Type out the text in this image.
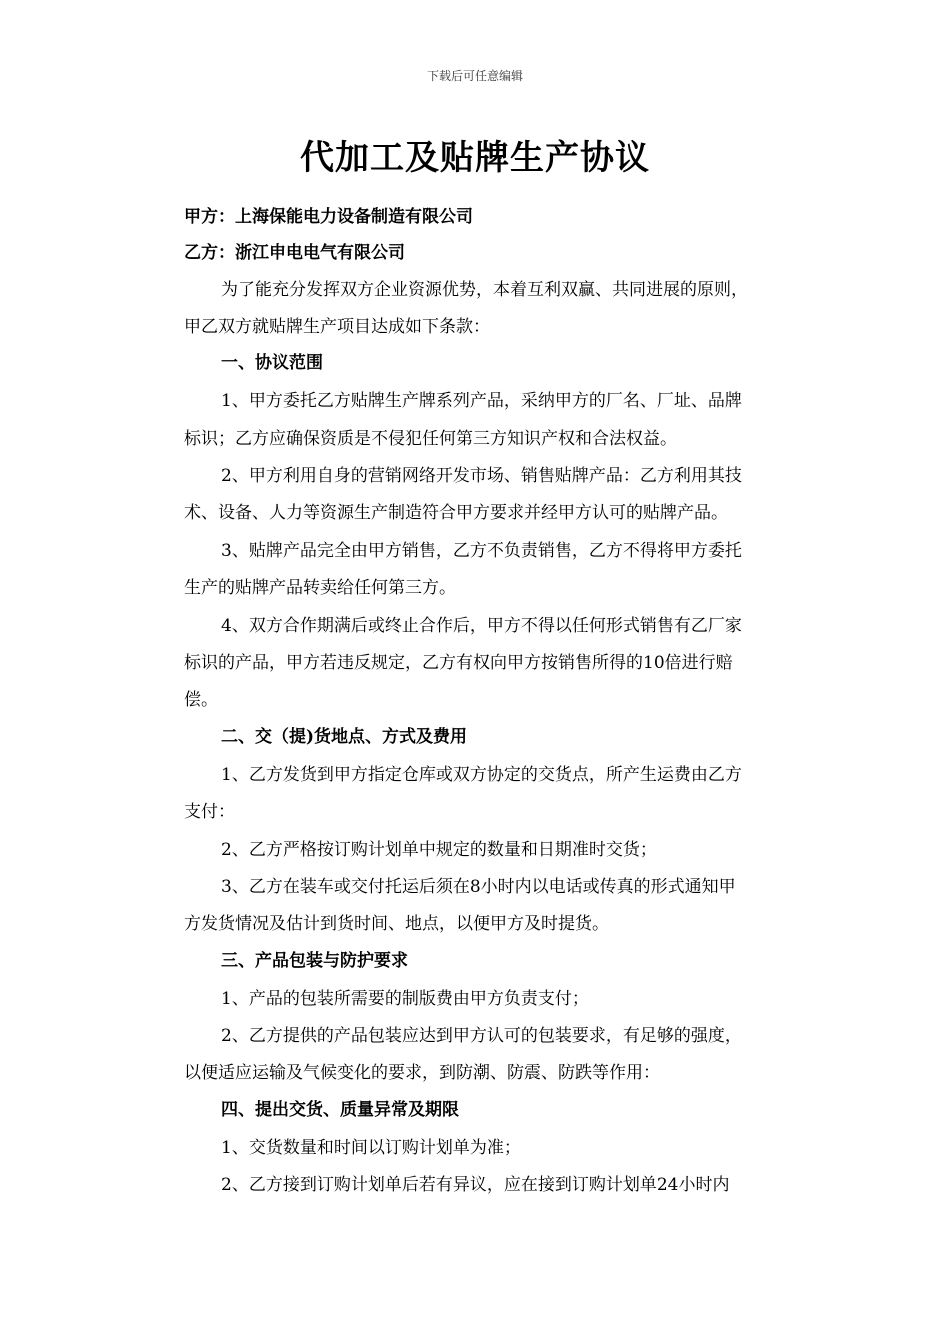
下载后可任意编辑
代加工及贴牌生产协议
甲方：上海保能电力设备制造有限公司
乙方：浙江申电电气有限公司
为了能充分发挥双方企业资源优势，本着互利双赢、共同进展的原则，
甲乙双方就贴牌生产项目达成如下条款：
一、协议范围
1、甲方委托乙方贴牌生产牌系列产品，采纳甲方的厂名、厂址、品牌
标识；乙方应确保资质是不侵犯任何第三方知识产权和合法权益。
2、甲方利用自身的营销网络开发市场、销售贴牌产品：乙方利用其技
术、设备、人力等资源生产制造符合甲方要求并经甲方认可的贴牌产品。
3、贴牌产品完全由甲方销售，乙方不负责销售，乙方不得将甲方委托
生产的贴牌产品转卖给任何第三方。
4、双方合作期满后或终止合作后，甲方不得以任何形式销售有乙厂家
标识的产品，甲方若违反规定，乙方有权向甲方按销售所得的10倍进行赔
偿。
二、交（提)货地点、方式及费用
1、乙方发货到甲方指定仓库或双方协定的交货点，所产生运费由乙方
支付：
2、乙方严格按订购计划单中规定的数量和日期准时交货；
3、乙方在装车或交付托运后须在8小时内以电话或传真的形式通知甲
方发货情况及估计到货时间、地点，以便甲方及时提货。
三、产品包装与防护要求
1、产品的包装所需要的制版费由甲方负责支付；
2、乙方提供的产品包装应达到甲方认可的包装要求，有足够的强度，
以便适应运输及气候变化的要求，到防潮、防震、防跌等作用：
四、提出交货、质量异常及期限
1、交货数量和时间以订购计划单为准；
2、乙方接到订购计划单后若有异议，应在接到订购计划单24小时内
